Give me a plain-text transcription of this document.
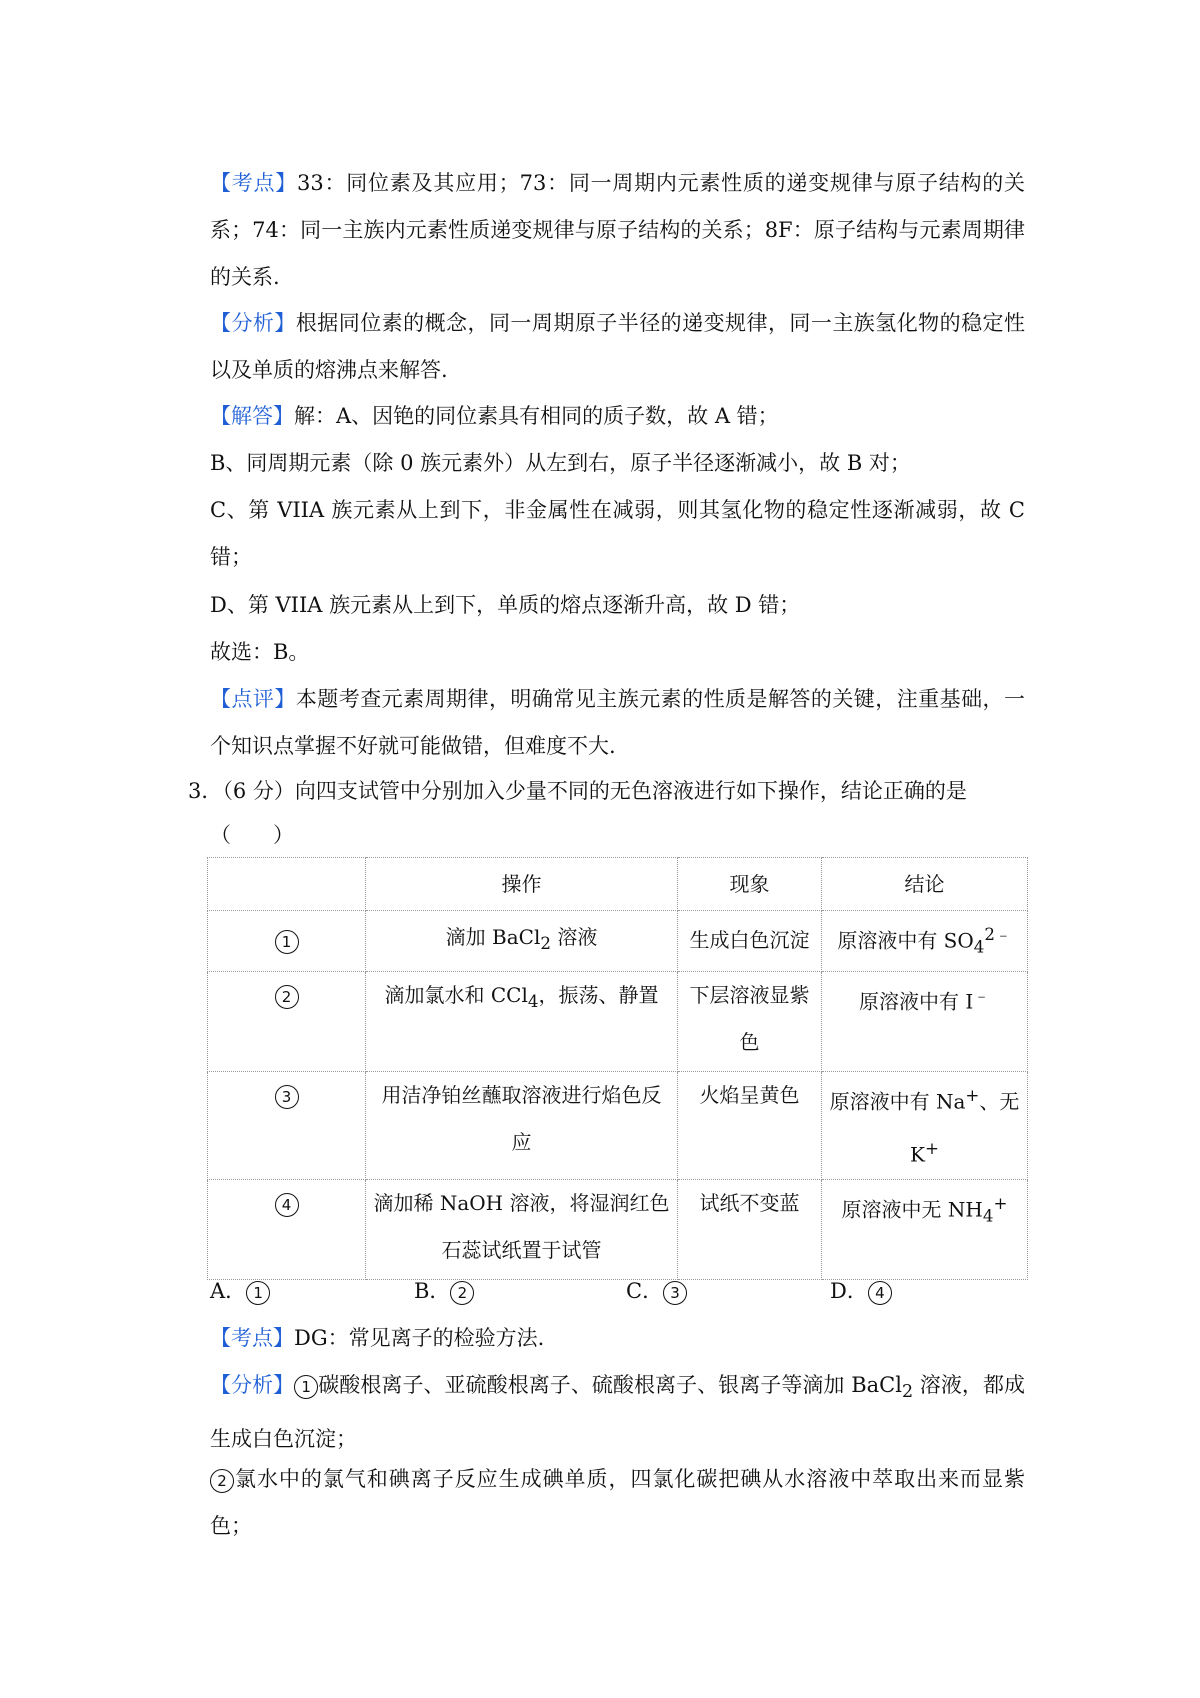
【考点】33：同位素及其应用；73：同一周期内元素性质的递变规律与原子结构的关系；74：同一主族内元素性质递变规律与原子结构的关系；8F：原子结构与元素周期律的关系.

【分析】根据同位素的概念，同一周期原子半径的递变规律，同一主族氢化物的稳定性以及单质的熔沸点来解答.

【解答】解：A、因铯的同位素具有相同的质子数，故 A 错；

B、同周期元素（除 0 族元素外）从左到右，原子半径逐渐减小，故 B 对；

C、第 VIIA 族元素从上到下，非金属性在减弱，则其氢化物的稳定性逐渐减弱，故 C 错；

D、第 VIIA 族元素从上到下，单质的熔点逐渐升高，故 D 错；

故选：B。

【点评】本题考查元素周期律，明确常见主族元素的性质是解答的关键，注重基础，一个知识点掌握不好就可能做错，但难度不大.

3．（6 分）向四支试管中分别加入少量不同的无色溶液进行如下操作，结论正确的是

（　　）

	操作	现象	结论
1	滴加 BaCl$_2$ 溶液	生成白色沉淀	原溶液中有 $SO_4^{2﹣}$
2	滴加氯水和 CCl$_4$，振荡、静置	下层溶液显紫色	原溶液中有 I﹣
3	用洁净铂丝蘸取溶液进行焰色反应	火焰呈黄色	原溶液中有 Na+、无 K+
4	滴加稀 NaOH 溶液，将湿润红色石蕊试纸置于试管	试纸不变蓝	原溶液中无 $NH_4^+$
A． 1	B． 2	C． 3	D． 4

【考点】DG：常见离子的检验方法.

【分析】 1 碳酸根离子、亚硫酸根离子、硫酸根离子、银离子等滴加 BaCl$_2$ 溶液，都成生成白色沉淀；

2 氯水中的氯气和碘离子反应生成碘单质，四氯化碳把碘从水溶液中萃取出来而显紫色；
